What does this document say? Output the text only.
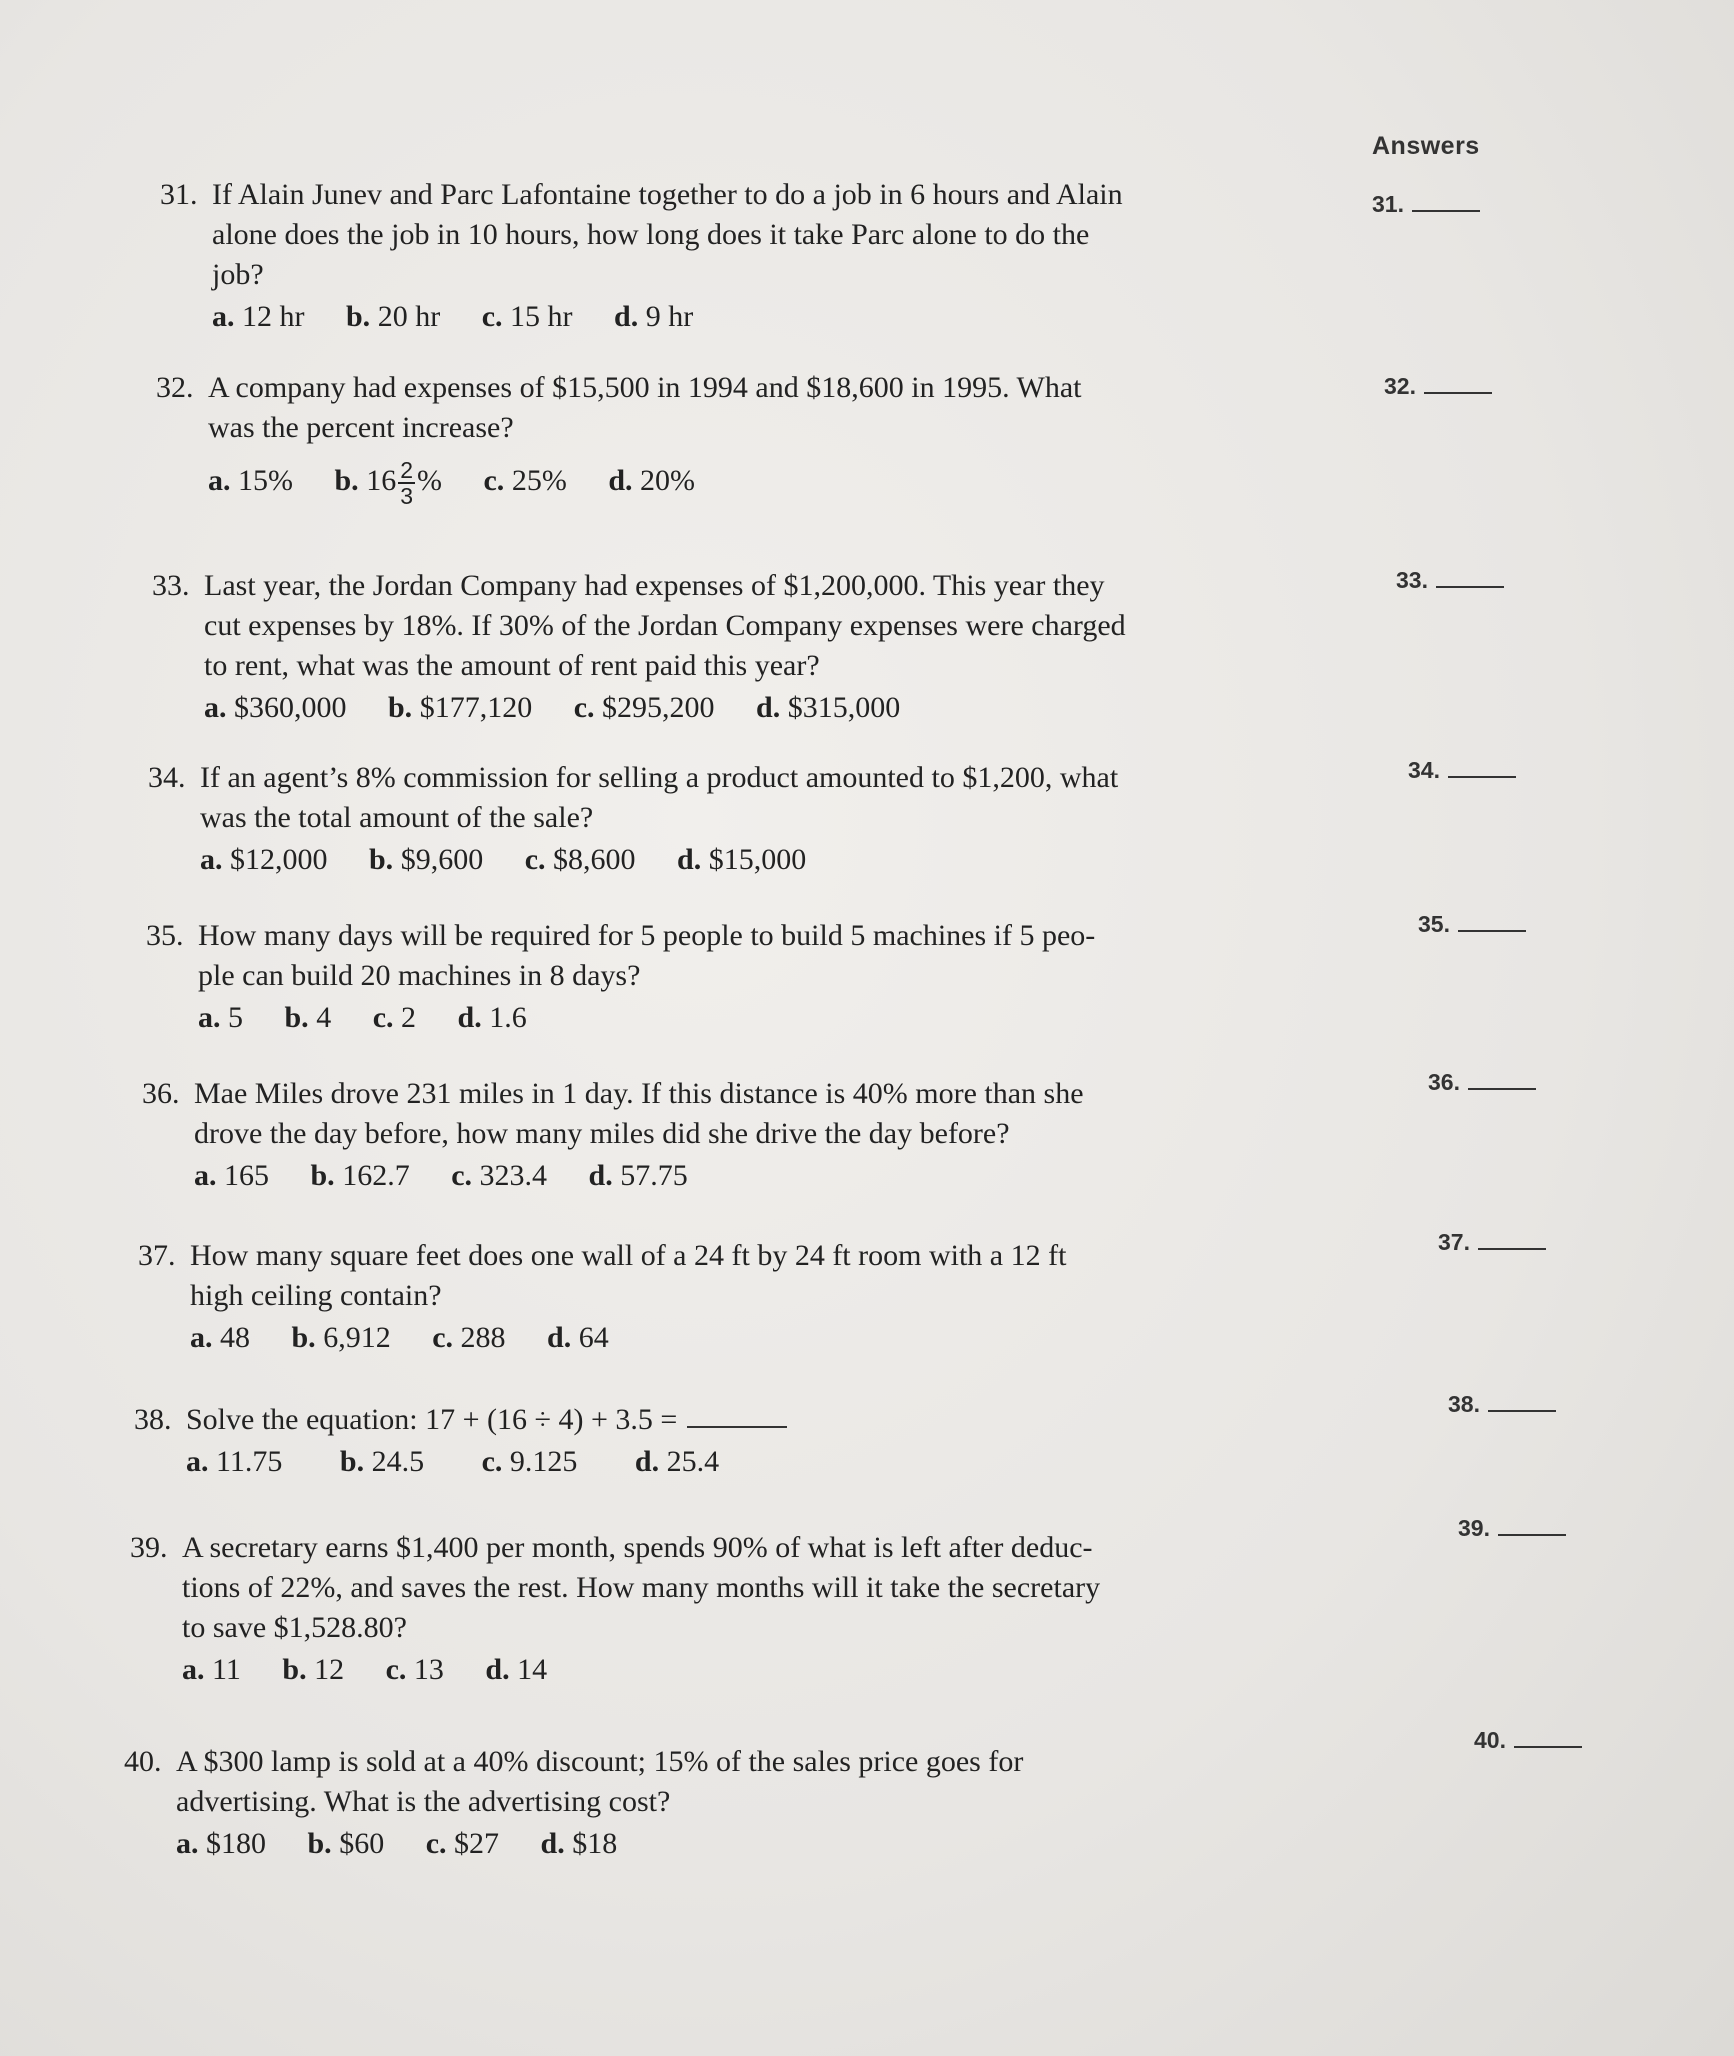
Answers
31.
32.
33.
34.
35.
36.
37.
38.
39.
40.
31. If Alain Junev and Parc Lafontaine together to do a job in 6 hours and Alain
alone does the job in 10 hours, how long does it take Parc alone to do the
job?
a. 12 hr b. 20 hr c. 15 hr d. 9 hr
32. A company had expenses of $15,500 in 1994 and $18,600 in 1995. What
was the percent increase?
a. 15% b. $16 \frac{2}{3}$ % c. 25% d. 20%
33. Last year, the Jordan Company had expenses of $1,200,000. This year they
cut expenses by 18%. If 30% of the Jordan Company expenses were charged
to rent, what was the amount of rent paid this year?
a. $360,000 b. $177,120 c. $295,200 d. $315,000
34. If an agent’s 8% commission for selling a product amounted to $1,200, what
was the total amount of the sale?
a. $12,000 b. $9,600 c. $8,600 d. $15,000
35. How many days will be required for 5 people to build 5 machines if 5 peo-
ple can build 20 machines in 8 days?
a. 5 b. 4 c. 2 d. 1.6
36. Mae Miles drove 231 miles in 1 day. If this distance is 40% more than she
drove the day before, how many miles did she drive the day before?
a. 165 b. 162.7 c. 323.4 d. 57.75
37. How many square feet does one wall of a 24 ft by 24 ft room with a 12 ft
high ceiling contain?
a. 48 b. 6,912 c. 288 d. 64
38. Solve the equation: 17 + (16 ÷ 4) + 3.5 =
a. 11.75 b. 24.5 c. 9.125 d. 25.4
39. A secretary earns $1,400 per month, spends 90% of what is left after deduc-
tions of 22%, and saves the rest. How many months will it take the secretary
to save $1,528.80?
a. 11 b. 12 c. 13 d. 14
40. A $300 lamp is sold at a 40% discount; 15% of the sales price goes for
advertising. What is the advertising cost?
a. $180 b. $60 c. $27 d. $18
